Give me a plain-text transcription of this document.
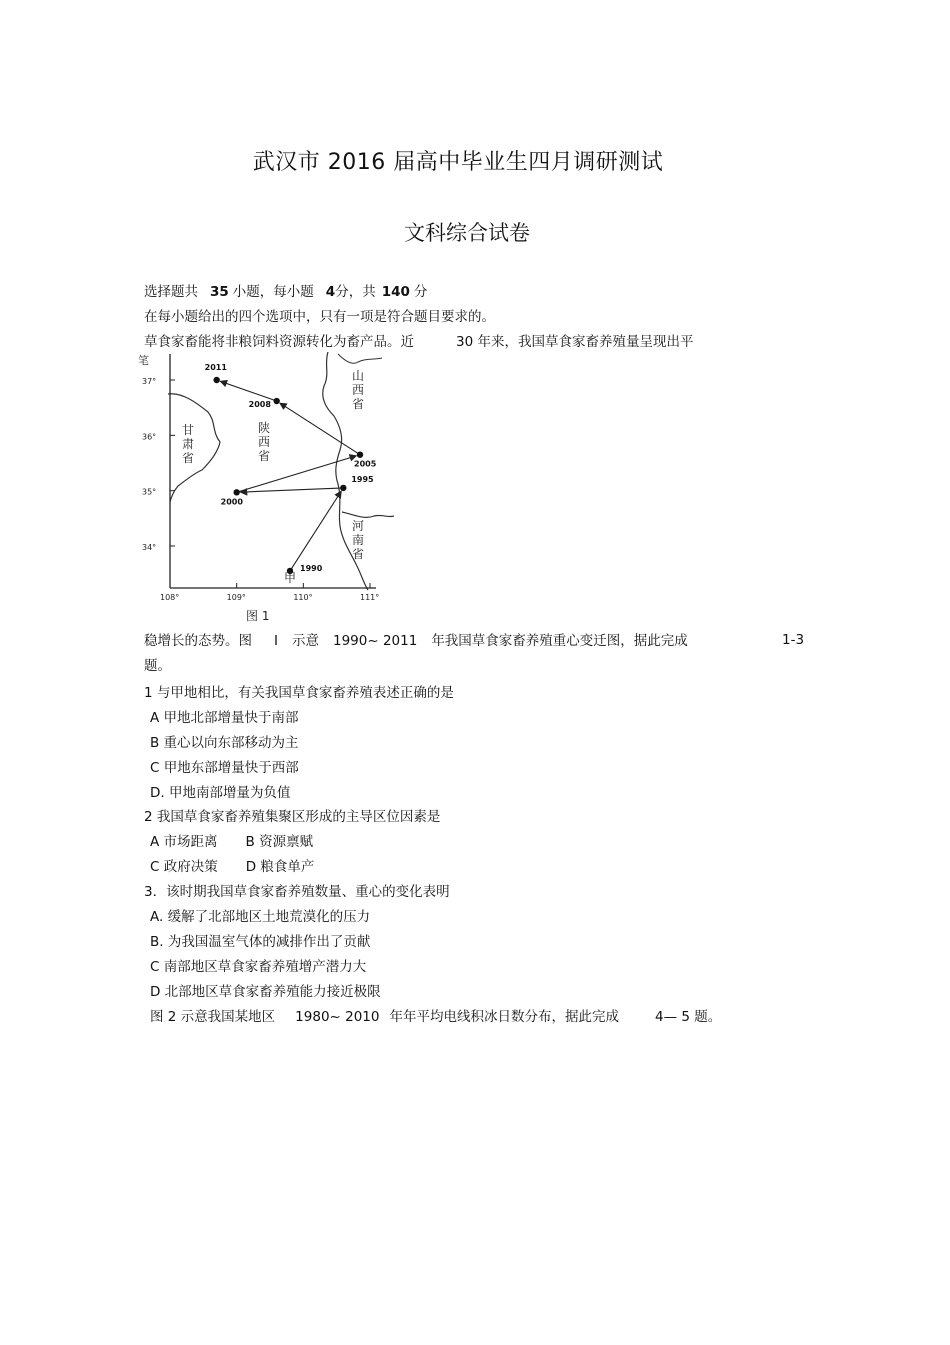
武汉市 2016 届高中毕业生四月调研测试
文科综合试卷
选择题共 35 小题，每小题 4分，共 140 分
在每小题给出的四个选项中，只有一项是符合题目要求的。
草食家畜能将非粮饲料资源转化为畜产品。近	30 年来，我国草食家畜养殖量呈现出平
37°
36°
35°
34°
108°	109°	110°	111°
1990
1995
2000
2005
2008
2011
笔
图 1
甲
甘
肃
省
陕
西
省
山
西
省
河
南
省
稳增长的态势。图 I 示意 1990~ 2011 年我国草食家畜养殖重心变迁图，据此完成	1-3
题。
1 与甲地相比，有关我国草食家畜养殖表述正确的是
A 甲地北部增量快于南部
B 重心以向东部移动为主
C 甲地东部增量快于西部
D. 甲地南部增量为负值
2 我国草食家畜养殖集聚区形成的主导区位因素是
A 市场距离 B 资源禀赋
C 政府决策 D 粮食单产
3．该时期我国草食家畜养殖数量、重心的变化表明
A. 缓解了北部地区土地荒漠化的压力
B. 为我国温室气体的减排作出了贡献
C 南部地区草食家畜养殖增产潜力大
D 北部地区草食家畜养殖能力接近极限
图 2 示意我国某地区 1980~ 2010 年年平均电线积冰日数分布，据此完成	4— 5 题。
